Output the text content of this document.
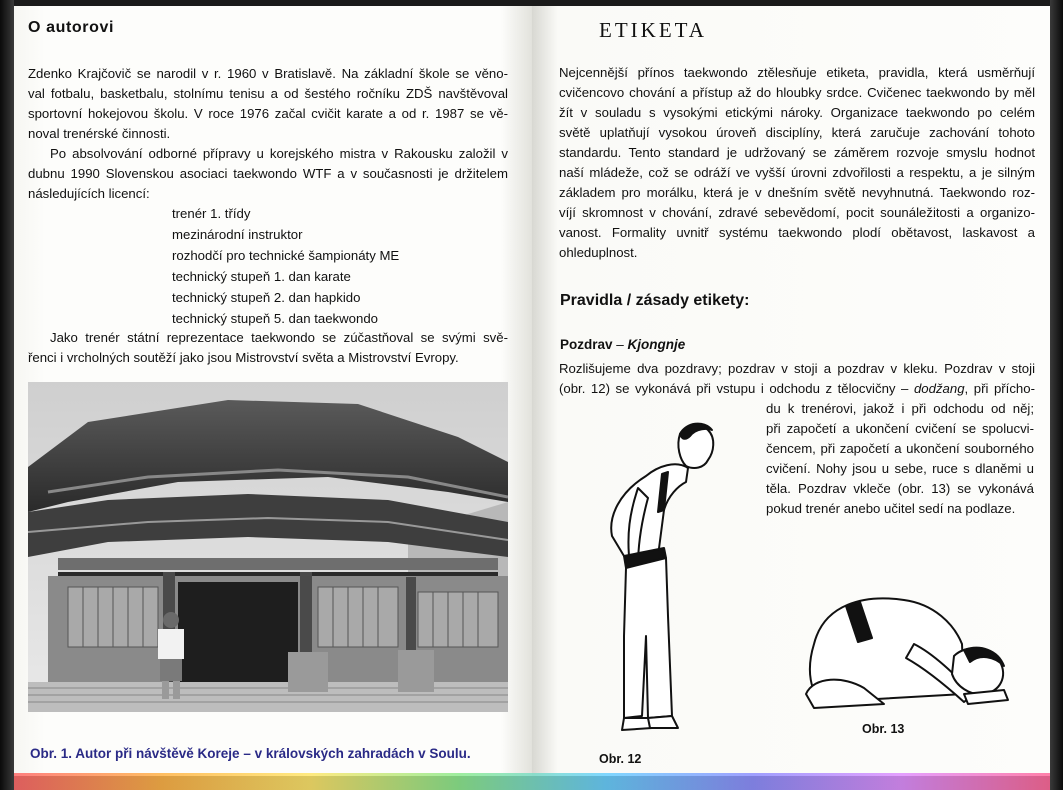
O autorovi
Zdenko Krajčovič se narodil v r. 1960 v Bratislavě. Na základní škole se věno-
val fotbalu, basketbalu, stolnímu tenisu a od šestého ročníku ZDŠ navštěvoval
sportovní hokejovou školu. V roce 1976 začal cvičit karate a od r. 1987 se vě-
noval trenérské činnosti.
Po absolvování odborné přípravy u korejského mistra v Rakousku založil v
dubnu 1990 Slovenskou asociaci taekwondo WTF a v současnosti je držitelem
následujících licencí:
trenér 1. třídy
mezinárodní instruktor
rozhodčí pro technické šampionáty ME
technický stupeň 1. dan karate
technický stupeň 2. dan hapkido
technický stupeň 5. dan taekwondo
Jako trenér státní reprezentace taekwondo se zúčastňoval se svými svě-
řenci i vrcholných soutěží jako jsou Mistrovství světa a Mistrovství Evropy.
Obr. 1. Autor při návštěvě Koreje – v královských zahradách v Soulu.
ETIKETA
Nejcennější přínos taekwondo ztělesňuje etiketa, pravidla, která usměrňují
cvičencovo chování a přístup až do hloubky srdce. Cvičenec taekwondo by měl
žít v souladu s vysokými etickými nároky. Organizace taekwondo po celém
světě uplatňují vysokou úroveň disciplíny, která zaručuje zachování tohoto
standardu. Tento standard je udržovaný se záměrem rozvoje smyslu hodnot
naší mládeže, což se odráží ve vyšší úrovni zdvořilosti a respektu, a je silným
základem pro morálku, která je v dnešním světě nevyhnutná. Taekwondo roz-
víjí skromnost v chování, zdravé sebevědomí, pocit sounáležitosti a organizo-
vanost. Formality uvnitř systému taekwondo plodí obětavost, laskavost a
ohleduplnost.
Pravidla / zásady etikety:
Pozdrav – Kjongnje
Rozlišujeme dva pozdravy; pozdrav v stoji a pozdrav v kleku. Pozdrav v stoji
(obr. 12) se vykonává při vstupu i odchodu z tělocvičny – dodžang, při přícho-
du k trenérovi, jakož i při odchodu od něj;
při započetí a ukončení cvičení se spolucvi-
čencem, při započetí a ukončení souborného
cvičení. Nohy jsou u sebe, ruce s dlaněmi u
těla. Pozdrav vkleče (obr. 13) se vykonává
pokud trenér anebo učitel sedí na podlaze.
Obr. 12
Obr. 13
